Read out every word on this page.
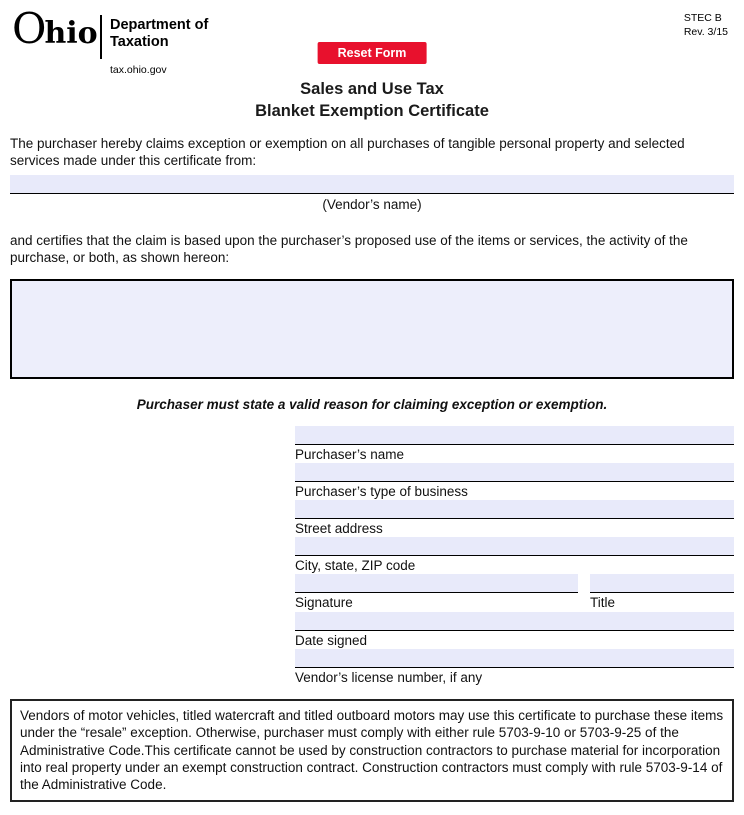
Ohio Department of
Taxation
tax.ohio.gov
STEC B
Rev. 3/15
Reset Form
Sales and Use Tax
Blanket Exemption Certificate

The purchaser hereby claims exception or exemption on all purchases of tangible personal property and selected services made under this certificate from:

(Vendor’s name)

and certifies that the claim is based upon the purchaser’s proposed use of the items or services, the activity of the purchase, or both, as shown hereon:

Purchaser must state a valid reason for claiming exception or exemption.
Purchaser’s name
Purchaser’s type of business
Street address
City, state, ZIP code
Signature	Title
Date signed
Vendor’s license number, if any

Vendors of motor vehicles, titled watercraft and titled outboard motors may use this certificate to purchase these items under the “resale” exception. Otherwise, purchaser must comply with either rule 5703-9-10 or 5703-9-25 of the Administrative Code.This certificate cannot be used by construction contractors to purchase material for incorporation into real property under an exempt construction contract. Construction contractors must comply with rule 5703-9-14 of the Administrative Code.
